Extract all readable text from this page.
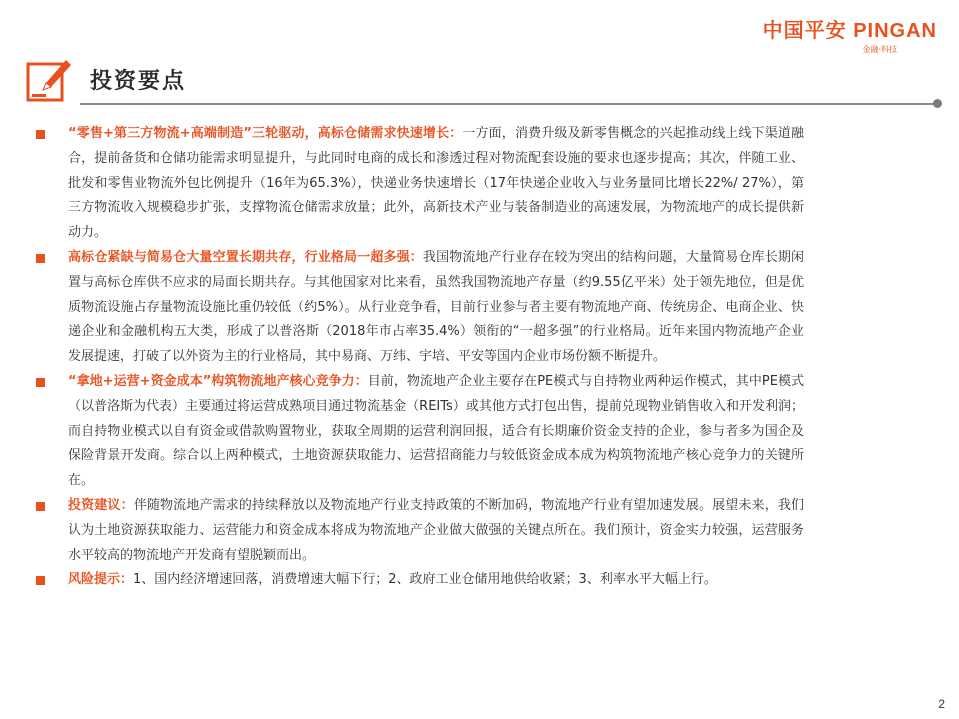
中国平安 PINGAN
金融·科技
投资要点
“零售+第三方物流+高端制造”三轮驱动，高标仓储需求快速增长：一方面，消费升级及新零售概念的兴起推动线上线下渠道融合，提前备货和仓储功能需求明显提升，与此同时电商的成长和渗透过程对物流配套设施的要求也逐步提高；其次，伴随工业、批发和零售业物流外包比例提升（16年为65.3%），快递业务快速增长（17年快递企业收入与业务量同比增长22%/ 27%），第三方物流收入规模稳步扩张，支撑物流仓储需求放量；此外，高新技术产业与装备制造业的高速发展，为物流地产的成长提供新动力。
高标仓紧缺与简易仓大量空置长期共存，行业格局一超多强：我国物流地产行业存在较为突出的结构问题，大量简易仓库长期闲置与高标仓库供不应求的局面长期共存。与其他国家对比来看，虽然我国物流地产存量（约9.55亿平米）处于领先地位，但是优质物流设施占存量物流设施比重仍较低（约5%）。从行业竞争看，目前行业参与者主要有物流地产商、传统房企、电商企业、快递企业和金融机构五大类，形成了以普洛斯（2018年市占率35.4%）领衔的“一超多强”的行业格局。近年来国内物流地产企业发展提速，打破了以外资为主的行业格局，其中易商、万纬、宇培、平安等国内企业市场份额不断提升。
“拿地+运营+资金成本”构筑物流地产核心竞争力：目前，物流地产企业主要存在PE模式与自持物业两种运作模式，其中PE模式（以普洛斯为代表）主要通过将运营成熟项目通过物流基金（REITs）或其他方式打包出售，提前兑现物业销售收入和开发利润；而自持物业模式以自有资金或借款购置物业，获取全周期的运营利润回报，适合有长期廉价资金支持的企业，参与者多为国企及保险背景开发商。综合以上两种模式，土地资源获取能力、运营招商能力与较低资金成本成为构筑物流地产核心竞争力的关键所在。
投资建议：伴随物流地产需求的持续释放以及物流地产行业支持政策的不断加码，物流地产行业有望加速发展。展望未来，我们认为土地资源获取能力、运营能力和资金成本将成为物流地产企业做大做强的关键点所在。我们预计，资金实力较强，运营服务水平较高的物流地产开发商有望脱颖而出。
风险提示：1、国内经济增速回落，消费增速大幅下行；2、政府工业仓储用地供给收紧；3、利率水平大幅上行。
2
